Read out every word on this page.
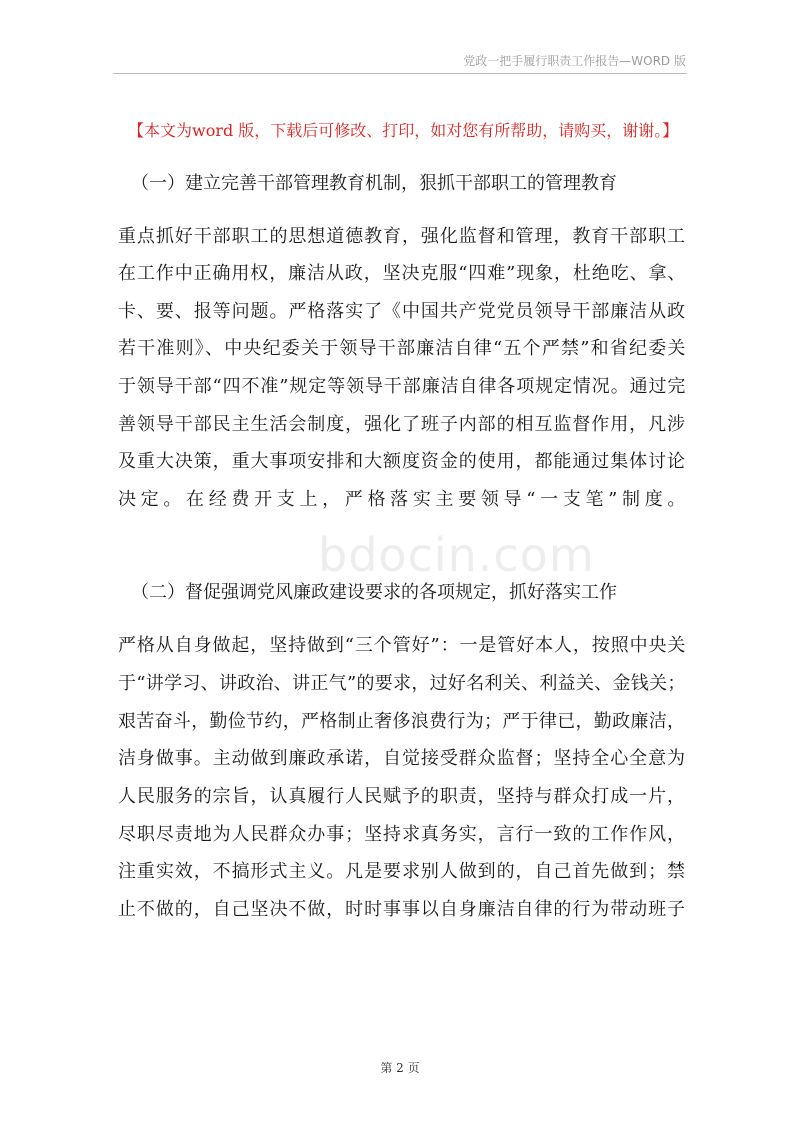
党政一把手履行职责工作报告—WORD 版
【本文为word 版，下载后可修改、打印，如对您有所帮助，请购买，谢谢。】
（一）建立完善干部管理教育机制，狠抓干部职工的管理教育
重点抓好干部职工的思想道德教育，强化监督和管理，教育干部职工
在工作中正确用权，廉洁从政，坚决克服“四难”现象，杜绝吃、拿、
卡、要、报等问题。严格落实了《中国共产党党员领导干部廉洁从政
若干准则》、中央纪委关于领导干部廉洁自律“五个严禁”和省纪委关
于领导干部“四不准”规定等领导干部廉洁自律各项规定情况。通过完
善领导干部民主生活会制度，强化了班子内部的相互监督作用，凡涉
及重大决策，重大事项安排和大额度资金的使用，都能通过集体讨论
决定。在经费开支上，严格落实主要领导“一支笔”制度。
（二）督促强调党风廉政建设要求的各项规定，抓好落实工作
严格从自身做起，坚持做到“三个管好”：一是管好本人，按照中央关
于“讲学习、讲政治、讲正气”的要求，过好名利关、利益关、金钱关；
艰苦奋斗，勤俭节约，严格制止奢侈浪费行为；严于律已，勤政廉洁，
洁身做事。主动做到廉政承诺，自觉接受群众监督；坚持全心全意为
人民服务的宗旨，认真履行人民赋予的职责，坚持与群众打成一片，
尽职尽责地为人民群众办事；坚持求真务实，言行一致的工作作风，
注重实效，不搞形式主义。凡是要求别人做到的，自己首先做到；禁
止不做的，自己坚决不做，时时事事以自身廉洁自律的行为带动班子
bdocin.com
第 2 页
